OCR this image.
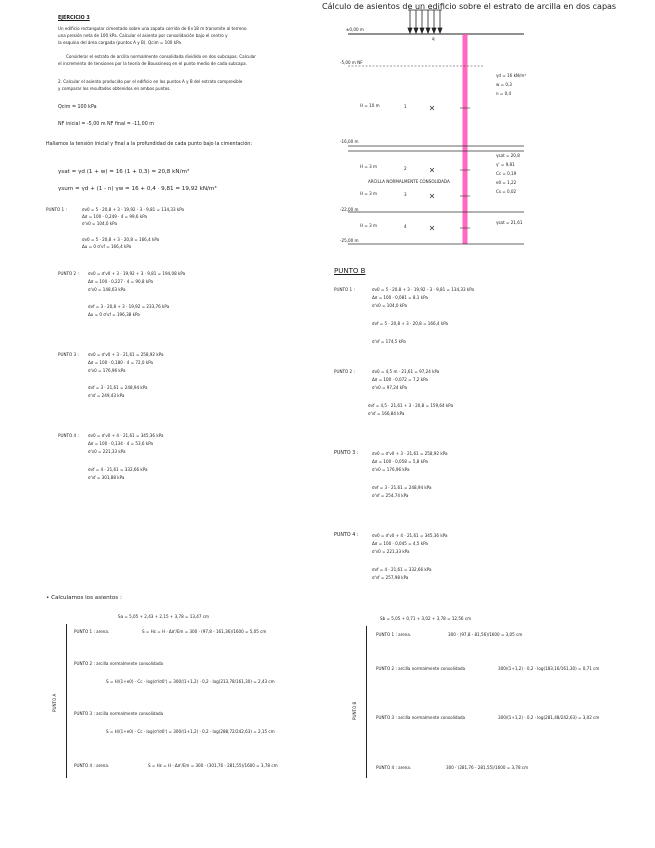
EJERCICIO 3
Cálculo de asientos de un edificio sobre el estrato de arcilla en dos capas
Un edificio rectangular cimentado sobre una zapata corrida de 6×18 m transmite al terreno
una presión neta de 100 kPa. Calcular el asiento por consolidación bajo el centro y
la esquina del área cargada (puntos A y B). Qcim = 100 kPa
Considerar el estrato de arcilla normalmente consolidada dividido en dos subcapas. Calcular
el incremento de tensiones por la teoría de Boussinesq en el punto medio de cada subcapa.
2. Calcular el asiento producido por el edificio en los puntos A y B del estrato compresible
y comparar los resultados obtenidos en ambos puntos.
Qcim = 100 kPa
NF inicial = -5,00 m NF final = -11,00 m
Hallamos la tensión inicial y final a la profundidad de cada punto bajo la cimentación:
γsat = γd (1 + w) = 16 (1 + 0,3) = 20,8 kN/m³
γsum = γd + (1 - n) γw = 16 + 0,4 · 9,81 = 19,92 kN/m³
PUNTO 1 :	σv0 = 5 · 20,8 + 3 · 19,92 - 3 · 9,81 = 134,33 kPa
Δσ = 100 · 0,249 · 4 = 99,6 kPa
σ'v0 = 104,0 kPa
σv0 = 5 · 20,8 + 3 · 20,8 = 166,4 kPa
Δu = 0 σ'vf = 166,4 kPa
PUNTO 2 : σv0 = σ'v0 + 3 · 19,92 + 3 · 9,81 = 194,08 kPa
Δσ = 100 · 0,227 · 4 = 90,8 kPa
σ'v0 = 148,63 kPa
σvf = 3 · 20,8 + 3 · 19,92 = 233,76 kPa
Δu = 0 σ'vf = 196,38 kPa
PUNTO 3 : σv0 = σ'v0 + 3 · 21,61 = 258,92 kPa
Δσ = 100 · 0,180 · 4 = 72,0 kPa
σ'v0 = 176,96 kPa
σvf = 3 · 21,61 = 248,94 kPa
σ'vf = 249,43 kPa
PUNTO 4 : σv0 = σ'v0 + 4 · 21,61 = 345,36 kPa
Δσ = 100 · 0,134 · 4 = 53,6 kPa
σ'v0 = 221,33 kPa
σvf = 4 · 21,61 = 332,66 kPa
σ'vf = 301,88 kPa
±0,00 m
q
-5,00 m NF
H = 10 m
-16,00 m
H = 3 m
ARCILLA NORMALMENTE CONSOLIDADA
H = 3 m
-22,00 m
H = 3 m
-25,00 m
1
2
3
4
γd = 16 kN/m³
w = 0,3
n = 0,4
γsat = 20,8
γ' = 9,81
Cc = 0,19
e0 = 1,22
Cs = 0,02
γsat = 21,61
PUNTO B
PUNTO 1 :	σv0 = 5 · 20,8 + 3 · 19,92 - 3 · 9,81 = 134,33 kPa
Δσ = 100 · 0,081 = 8,1 kPa
σ'v0 = 104,0 kPa
σvf = 5 · 20,8 + 3 · 20,8 = 166,4 kPa
σ'vf = 174,5 kPa
PUNTO 2 :	σv0 = 4,5 m · 21,61 = 97,24 kPa
Δσ = 100 · 0,072 = 7,2 kPa
σ'v0 = 97,24 kPa
σvf = 4,5 · 21,61 + 3 · 20,8 = 159,64 kPa
σ'vf = 166,84 kPa
PUNTO 3 :	σv0 = σ'v0 + 3 · 21,61 = 258,92 kPa
Δσ = 100 · 0,058 = 5,8 kPa
σ'v0 = 176,96 kPa
σvf = 3 · 21,61 = 248,94 kPa
σ'vf = 254,74 kPa
PUNTO 4 :	σv0 = σ'v0 + 4 · 21,61 = 345,36 kPa
Δσ = 100 · 0,045 = 4,5 kPa
σ'v0 = 221,33 kPa
σvf = 4 · 21,61 = 332,66 kPa
σ'vf = 257,98 kPa
• Calculamos los asientos :
Sa = 5,05 + 2,43 + 2,15 + 3,78 = 13,47 cm
PUNTO A
PUNTO 1 : arena.	S = Hε = H · Δσ'/Em = 300 · (97,8 - 161,36)/1600 = 5,05 cm
PUNTO 2 : arcilla normalmente consolidada
S = H/(1+e0) · Cc · log(σ'/σ0') = 300/(1+1,2) · 0,2 · log(213,78/161,30) = 2,43 cm
PUNTO 3 : arcilla normalmente consolidada
S = H/(1+e0) · Cc · log(σ'/σ0') = 300/(1+1,2) · 0,2 · log(288,72/242,63) = 2,15 cm
PUNTO 4 : arena.	S = Hε = H · Δσ'/Em = 300 · (301,76 - 281,55)/1600 = 3,78 cm
Sb = 5,05 + 0,71 + 3,02 + 3,78 = 12,56 cm
PUNTO B
PUNTO 1 : arena.	300 · (97,8 - 81,56)/1600 = 3,05 cm
PUNTO 2 : arcilla normalmente consolidada	300/(1+1,2) · 0,2 · log(183,16/161,30) = 0,71 cm
PUNTO 3 : arcilla normalmente consolidada	300/(1+1,2) · 0,2 · log(281,48/242,63) = 3,02 cm
PUNTO 4 : arena.	300 · (281,76 - 281,55)/1600 = 3,78 cm
